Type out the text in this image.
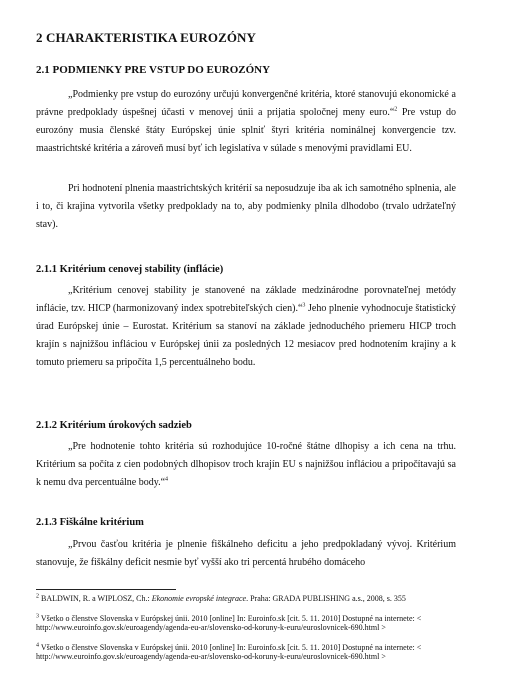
2 CHARAKTERISTIKA EUROZÓNY
2.1 PODMIENKY PRE VSTUP DO EUROZÓNY
„Podmienky pre vstup do eurozóny určujú konvergenčné kritéria, ktoré stanovujú ekonomické a právne predpoklady úspešnej účasti v menovej únii a prijatia spoločnej meny euro.“$^2$ Pre vstup do eurozóny musia členské štáty Európskej únie splniť štyri kritéria nominálnej konvergencie tzv. maastrichtské kritéria a zároveň musí byť ich legislatíva v súlade s menovými pravidlami EU.
Pri hodnotení plnenia maastrichtských kritérií sa neposudzuje iba ak ich samotného splnenia, ale i to, či krajina vytvorila všetky predpoklady na to, aby podmienky plnila dlhodobo (trvalo udržateľný stav).
2.1.1 Kritérium cenovej stability (inflácie)
„Kritérium cenovej stability je stanovené na základe medzinárodne porovnateľnej metódy inflácie, tzv. HICP (harmonizovaný index spotrebiteľských cien).“$^3$ Jeho plnenie vyhodnocuje štatistický úrad Európskej únie – Eurostat. Kritérium sa stanoví na základe jednoduchého priemeru HICP troch krajín s najnižšou infláciou v Európskej únii za posledných 12 mesiacov pred hodnotením krajiny a k tomuto priemeru sa pripočíta 1,5 percentuálneho bodu.
2.1.2 Kritérium úrokových sadzieb
„Pre hodnotenie tohto kritéria sú rozhodujúce 10-ročné štátne dlhopisy a ich cena na trhu. Kritérium sa počíta z cien podobných dlhopisov troch krajín EU s najnižšou infláciou a pripočítavajú sa k nemu dva percentuálne body.“$^4$
2.1.3 Fiškálne kritérium
„Prvou časťou kritéria je plnenie fiškálneho deficitu a jeho predpokladaný vývoj. Kritérium stanovuje, že fiškálny deficit nesmie byť vyšší ako tri percentá hrubého domáceho
$^2$ BALDWIN, R. a WIPLOSZ, Ch.: Ekonomie evropské integrace. Praha: GRADA PUBLISHING a.s., 2008, s. 355
$^3$ Všetko o členstve Slovenska v Európskej únii. 2010 [online] In: Euroinfo.sk [cit. 5. 11. 2010] Dostupné na internete: < http://www.euroinfo.gov.sk/euroagendy/agenda-eu-ar/slovensko-od-koruny-k-euru/euroslovnicek-690.html >
$^4$ Všetko o členstve Slovenska v Európskej únii. 2010 [online] In: Euroinfo.sk [cit. 5. 11. 2010] Dostupné na internete: < http://www.euroinfo.gov.sk/euroagendy/agenda-eu-ar/slovensko-od-koruny-k-euru/euroslovnicek-690.html >
